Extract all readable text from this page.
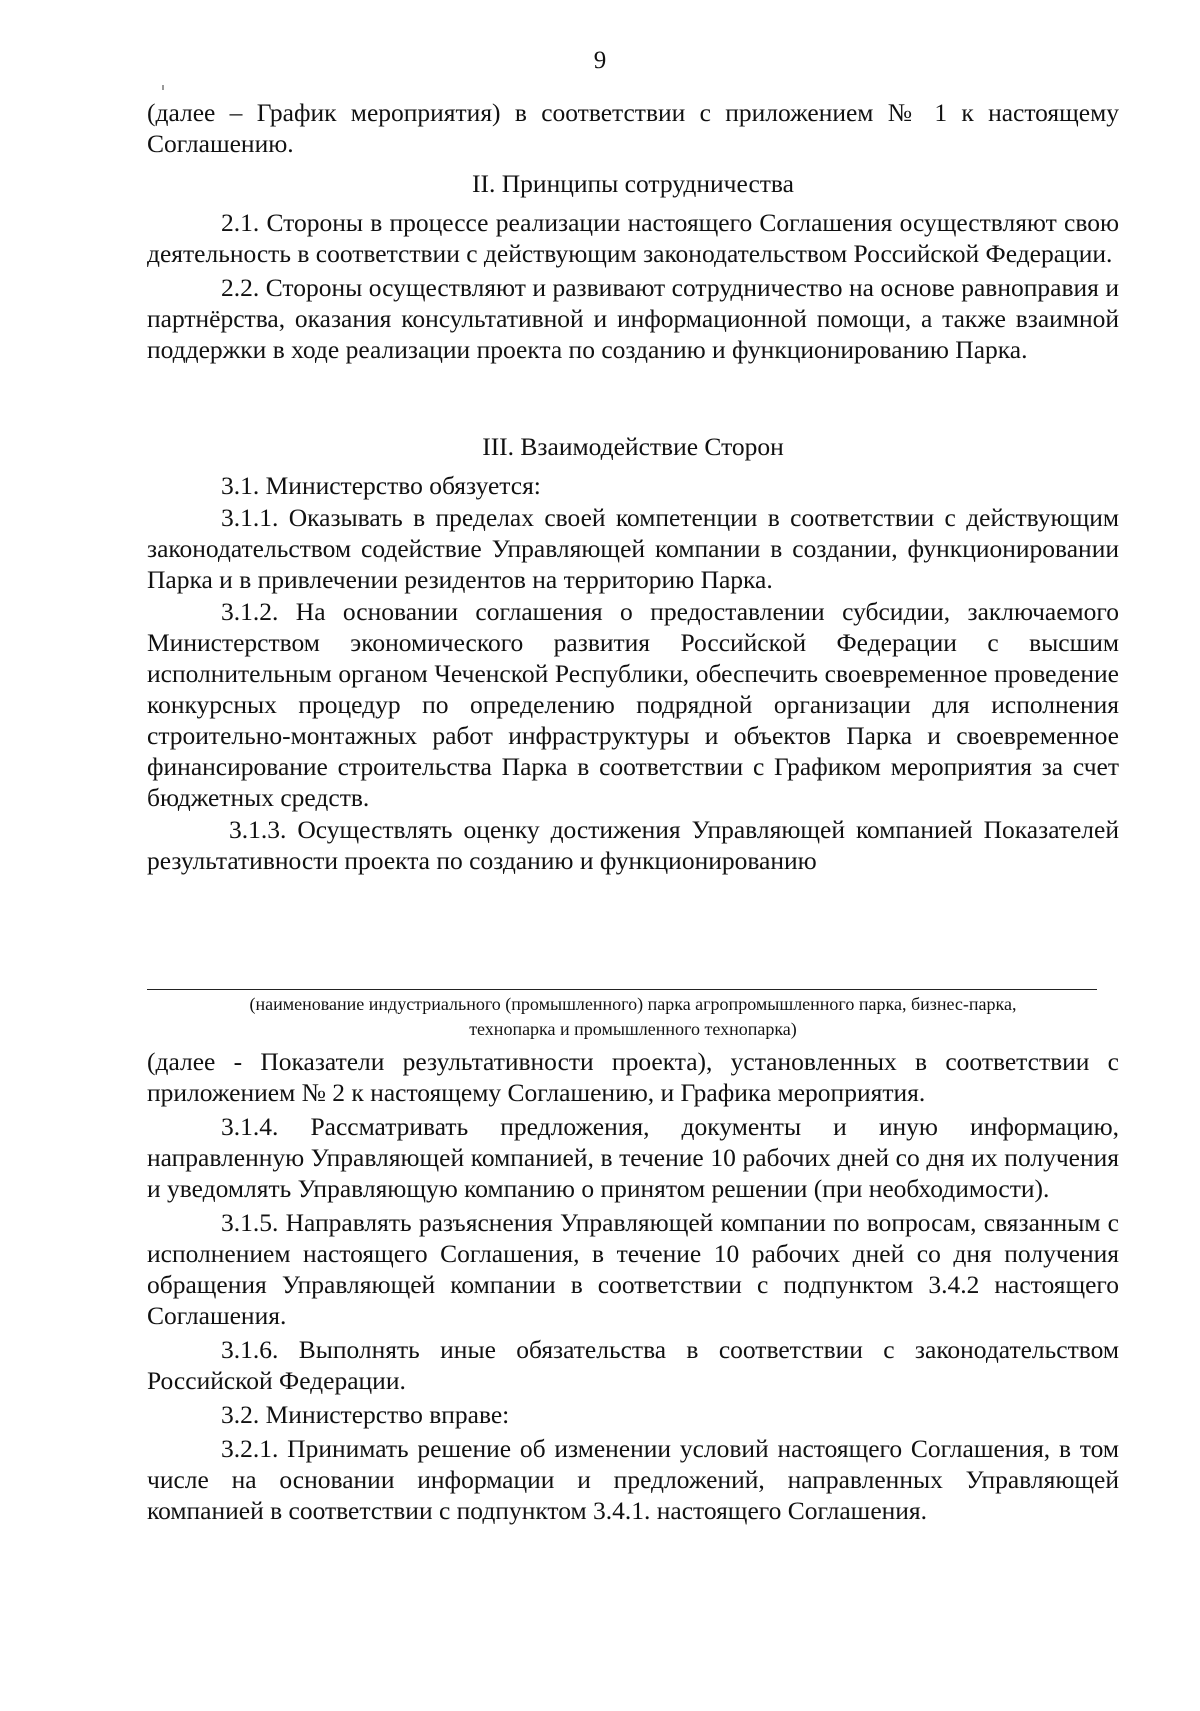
9

(далее – График мероприятия) в соответствии с приложением № 1 к настоящему

Соглашению.

II. Принципы сотрудничества

2.1. Стороны в процессе реализации настоящего Соглашения осуществляют свою деятельность в соответствии с действующим законодательством Российской Федерации.

2.2. Стороны осуществляют и развивают сотрудничество на основе равноправия и партнёрства, оказания консультативной и информационной помощи, а также взаимной поддержки в ходе реализации проекта по созданию и функционированию Парка.

III. Взаимодействие Сторон

3.1. Министерство обязуется:

3.1.1. Оказывать в пределах своей компетенции в соответствии с действующим законодательством содействие Управляющей компании в создании, функционировании Парка и в привлечении резидентов на территорию Парка.

3.1.2. На основании соглашения о предоставлении субсидии, заключаемого Министерством экономического развития Российской Федерации с высшим исполнительным органом Чеченской Республики, обеспечить своевременное проведение конкурсных процедур по определению подрядной организации для исполнения строительно-монтажных работ инфраструктуры и объектов Парка и своевременное финансирование строительства Парка в соответствии с Графиком мероприятия за счет бюджетных средств.

3.1.3. Осуществлять оценку достижения Управляющей компанией Показателей результативности проекта по созданию и функционированию

(наименование индустриального (промышленного) парка агропромышленного парка, бизнес-парка,
технопарка и промышленного технопарка)

(далее - Показатели результативности проекта), установленных в соответствии с приложением № 2 к настоящему Соглашению, и Графика мероприятия.

3.1.4. Рассматривать предложения, документы и иную информацию, направленную Управляющей компанией, в течение 10 рабочих дней со дня их получения и уведомлять Управляющую компанию о принятом решении (при необходимости).

3.1.5. Направлять разъяснения Управляющей компании по вопросам, связанным с исполнением настоящего Соглашения, в течение 10 рабочих дней со дня получения обращения Управляющей компании в соответствии с подпунктом 3.4.2 настоящего Соглашения.

3.1.6. Выполнять иные обязательства в соответствии с законодательством Российской Федерации.

3.2. Министерство вправе:

3.2.1. Принимать решение об изменении условий настоящего Соглашения, в том числе на основании информации и предложений, направленных Управляющей компанией в соответствии с подпунктом 3.4.1. настоящего Соглашения.
